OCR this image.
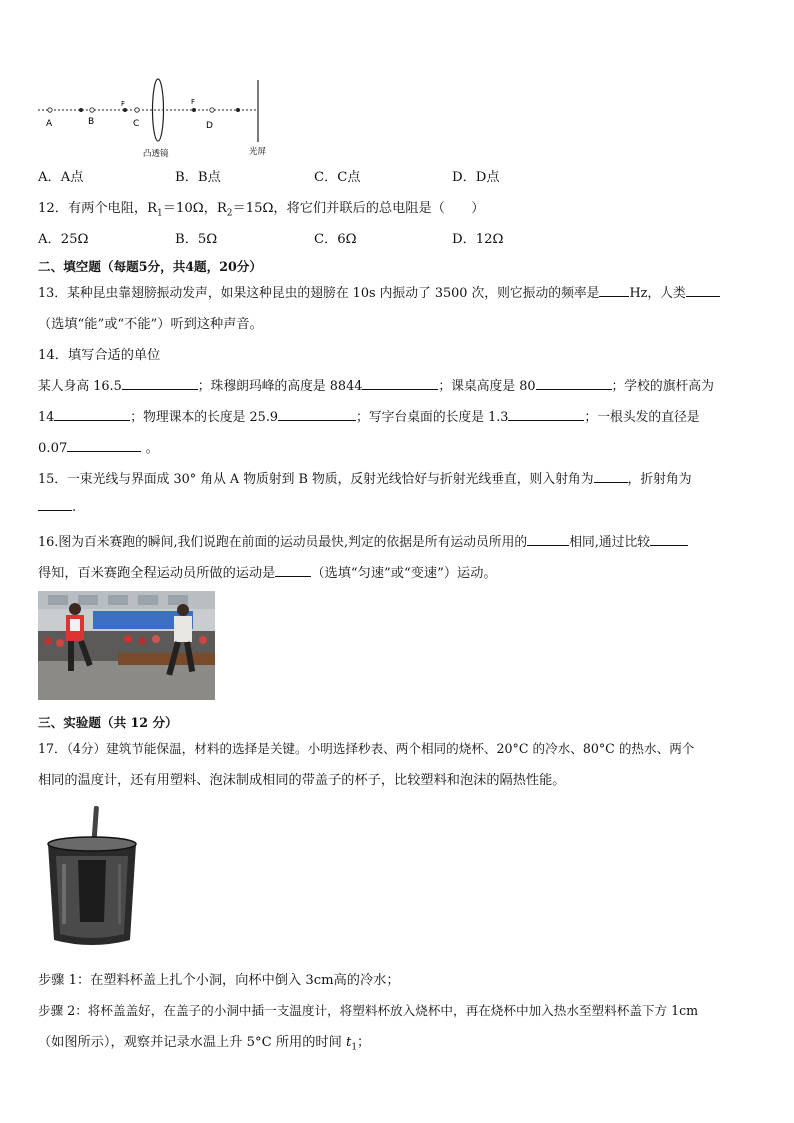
A	B	C	D
F	F
凸透镜	光屏
A．A点	B．B点	C．C点	D．D点
12．有两个电阻，$R_1=10\Omega$，$R_2=15\Omega$，将它们并联后的总电阻是（　　）
A．25Ω	B．5Ω	C．6Ω	D．12Ω
二、填空题（每题5分，共4题，20分）
13．某种昆虫靠翅膀振动发声，如果这种昆虫的翅膀在 10s 内振动了 3500 次，则它振动的频率是 Hz，人类
（选填“能”或“不能”）听到这种声音。
14．填写合适的单位
某人身高 16.5	；珠穆朗玛峰的高度是 8844	；课桌高度是 80	；学校的旗杆高为
14	；物理课本的长度是 25.9	；写字台桌面的长度是 1.3	；一根头发的直径是
0.07	。
15．一束光线与界面成 30° 角从 A 物质射到 B 物质，反射光线恰好与折射光线垂直，则入射角为	，折射角为
.
16.图为百米赛跑的瞬间,我们说跑在前面的运动员最快,判定的依据是所有运动员所用的	相同,通过比较
得知，百米赛跑全程运动员所做的运动是	（选填“匀速”或“变速”）运动。
三、实验题（共 12 分）
17．（4分）建筑节能保温，材料的选择是关键。小明选择秒表、两个相同的烧杯、20°C 的冷水、80°C 的热水、两个
相同的温度计，还有用塑料、泡沫制成相同的带盖子的杯子，比较塑料和泡沫的隔热性能。
步骤 1：在塑料杯盖上扎个小洞，向杯中倒入 3cm高的冷水；
步骤 2：将杯盖盖好，在盖子的小洞中插一支温度计，将塑料杯放入烧杯中，再在烧杯中加入热水至塑料杯盖下方 1cm
（如图所示），观察并记录水温上升 5°C 所用的时间 $t_1$；
